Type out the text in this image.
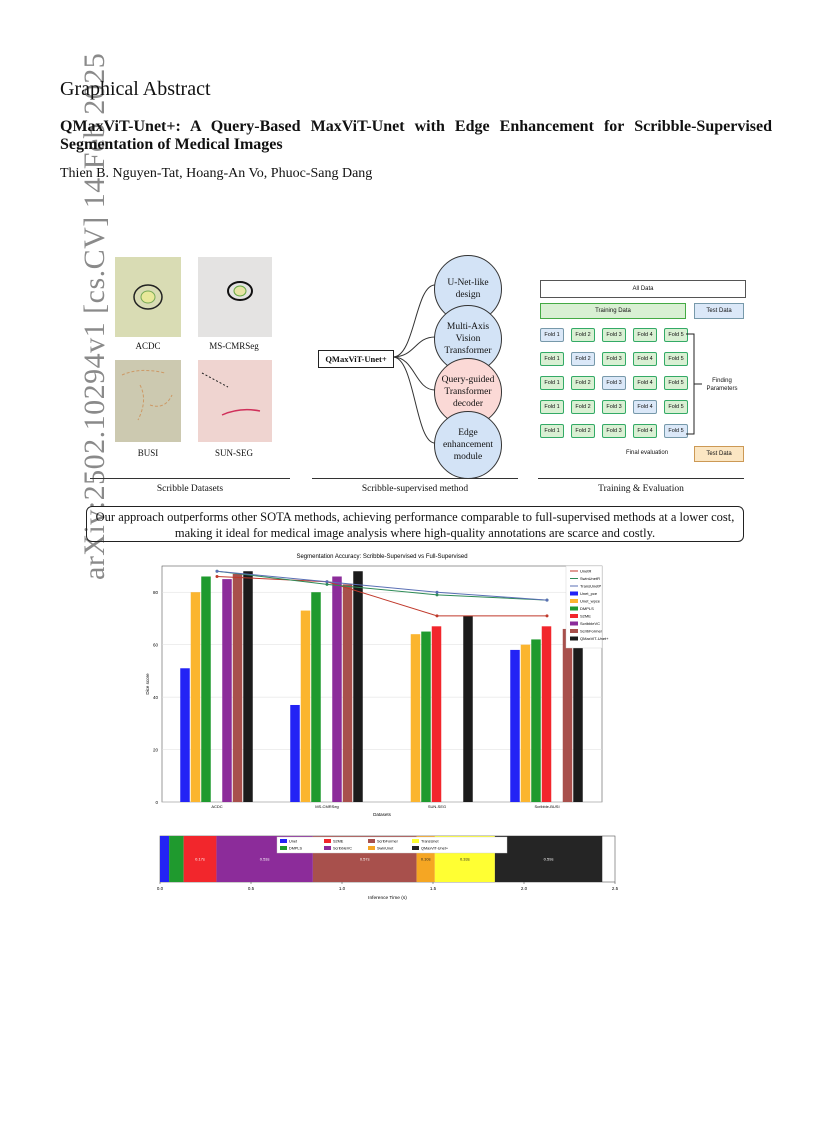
arXiv:2502.10294v1 [cs.CV] 14 Feb 2025
Graphical Abstract
QMaxViT-Unet+: A Query-Based MaxViT-Unet with Edge Enhancement for Scribble-Supervised Segmentation of Medical Images
Thien B. Nguyen-Tat, Hoang-An Vo, Phuoc-Sang Dang
ACDC	MS-CMRSeg
BUSI	SUN-SEG
Scribble Datasets
QMaxViT-Unet+
U-Net-like design
Multi-Axis Vision Transformer
Query-guided Transformer decoder
Edge enhancement module
Scribble-supervised method
All Data
Training Data	Test Data
Fold 1	Fold 2	Fold 3	Fold 4	Fold 5
Fold 1	Fold 2	Fold 3	Fold 4	Fold 5
Fold 1	Fold 2	Fold 3	Fold 4	Fold 5
Fold 1	Fold 2	Fold 3	Fold 4	Fold 5
Fold 1	Fold 2	Fold 3	Fold 4	Fold 5
Finding Parameters
Final evaluation	Test Data
Training & Evaluation
Our approach outperforms other SOTA methods, achieving performance comparable to full-supervised methods at a lower cost, making it ideal for medical image analysis where high-quality annotations are scarce and costly.
Segmentation Accuracy: Scribble-Supervised vs Full-Supervised
0
20
40
60
80
Dice score
Datasets
ACDC	MS-CMRSeg	SUN-SEG	Scribble-BUSI
UnetR
SwinUnetR
TransUnetP
Unet_pce
Unet_wpce
DMPLS
S2ME
ScribbleVC
ScribFormer
QMaxViT-Unet+
0.17s	0.53s	0.57s	0.10s	0.33s	0.59s
Unet
DMPLS
S2ME
ScribbleVC
ScribFormer
SwinUnet
TransUnet
QMaxViT-Unet+
0.0	0.5	1.0	1.5	2.0	2.5
Inference Time (s)
